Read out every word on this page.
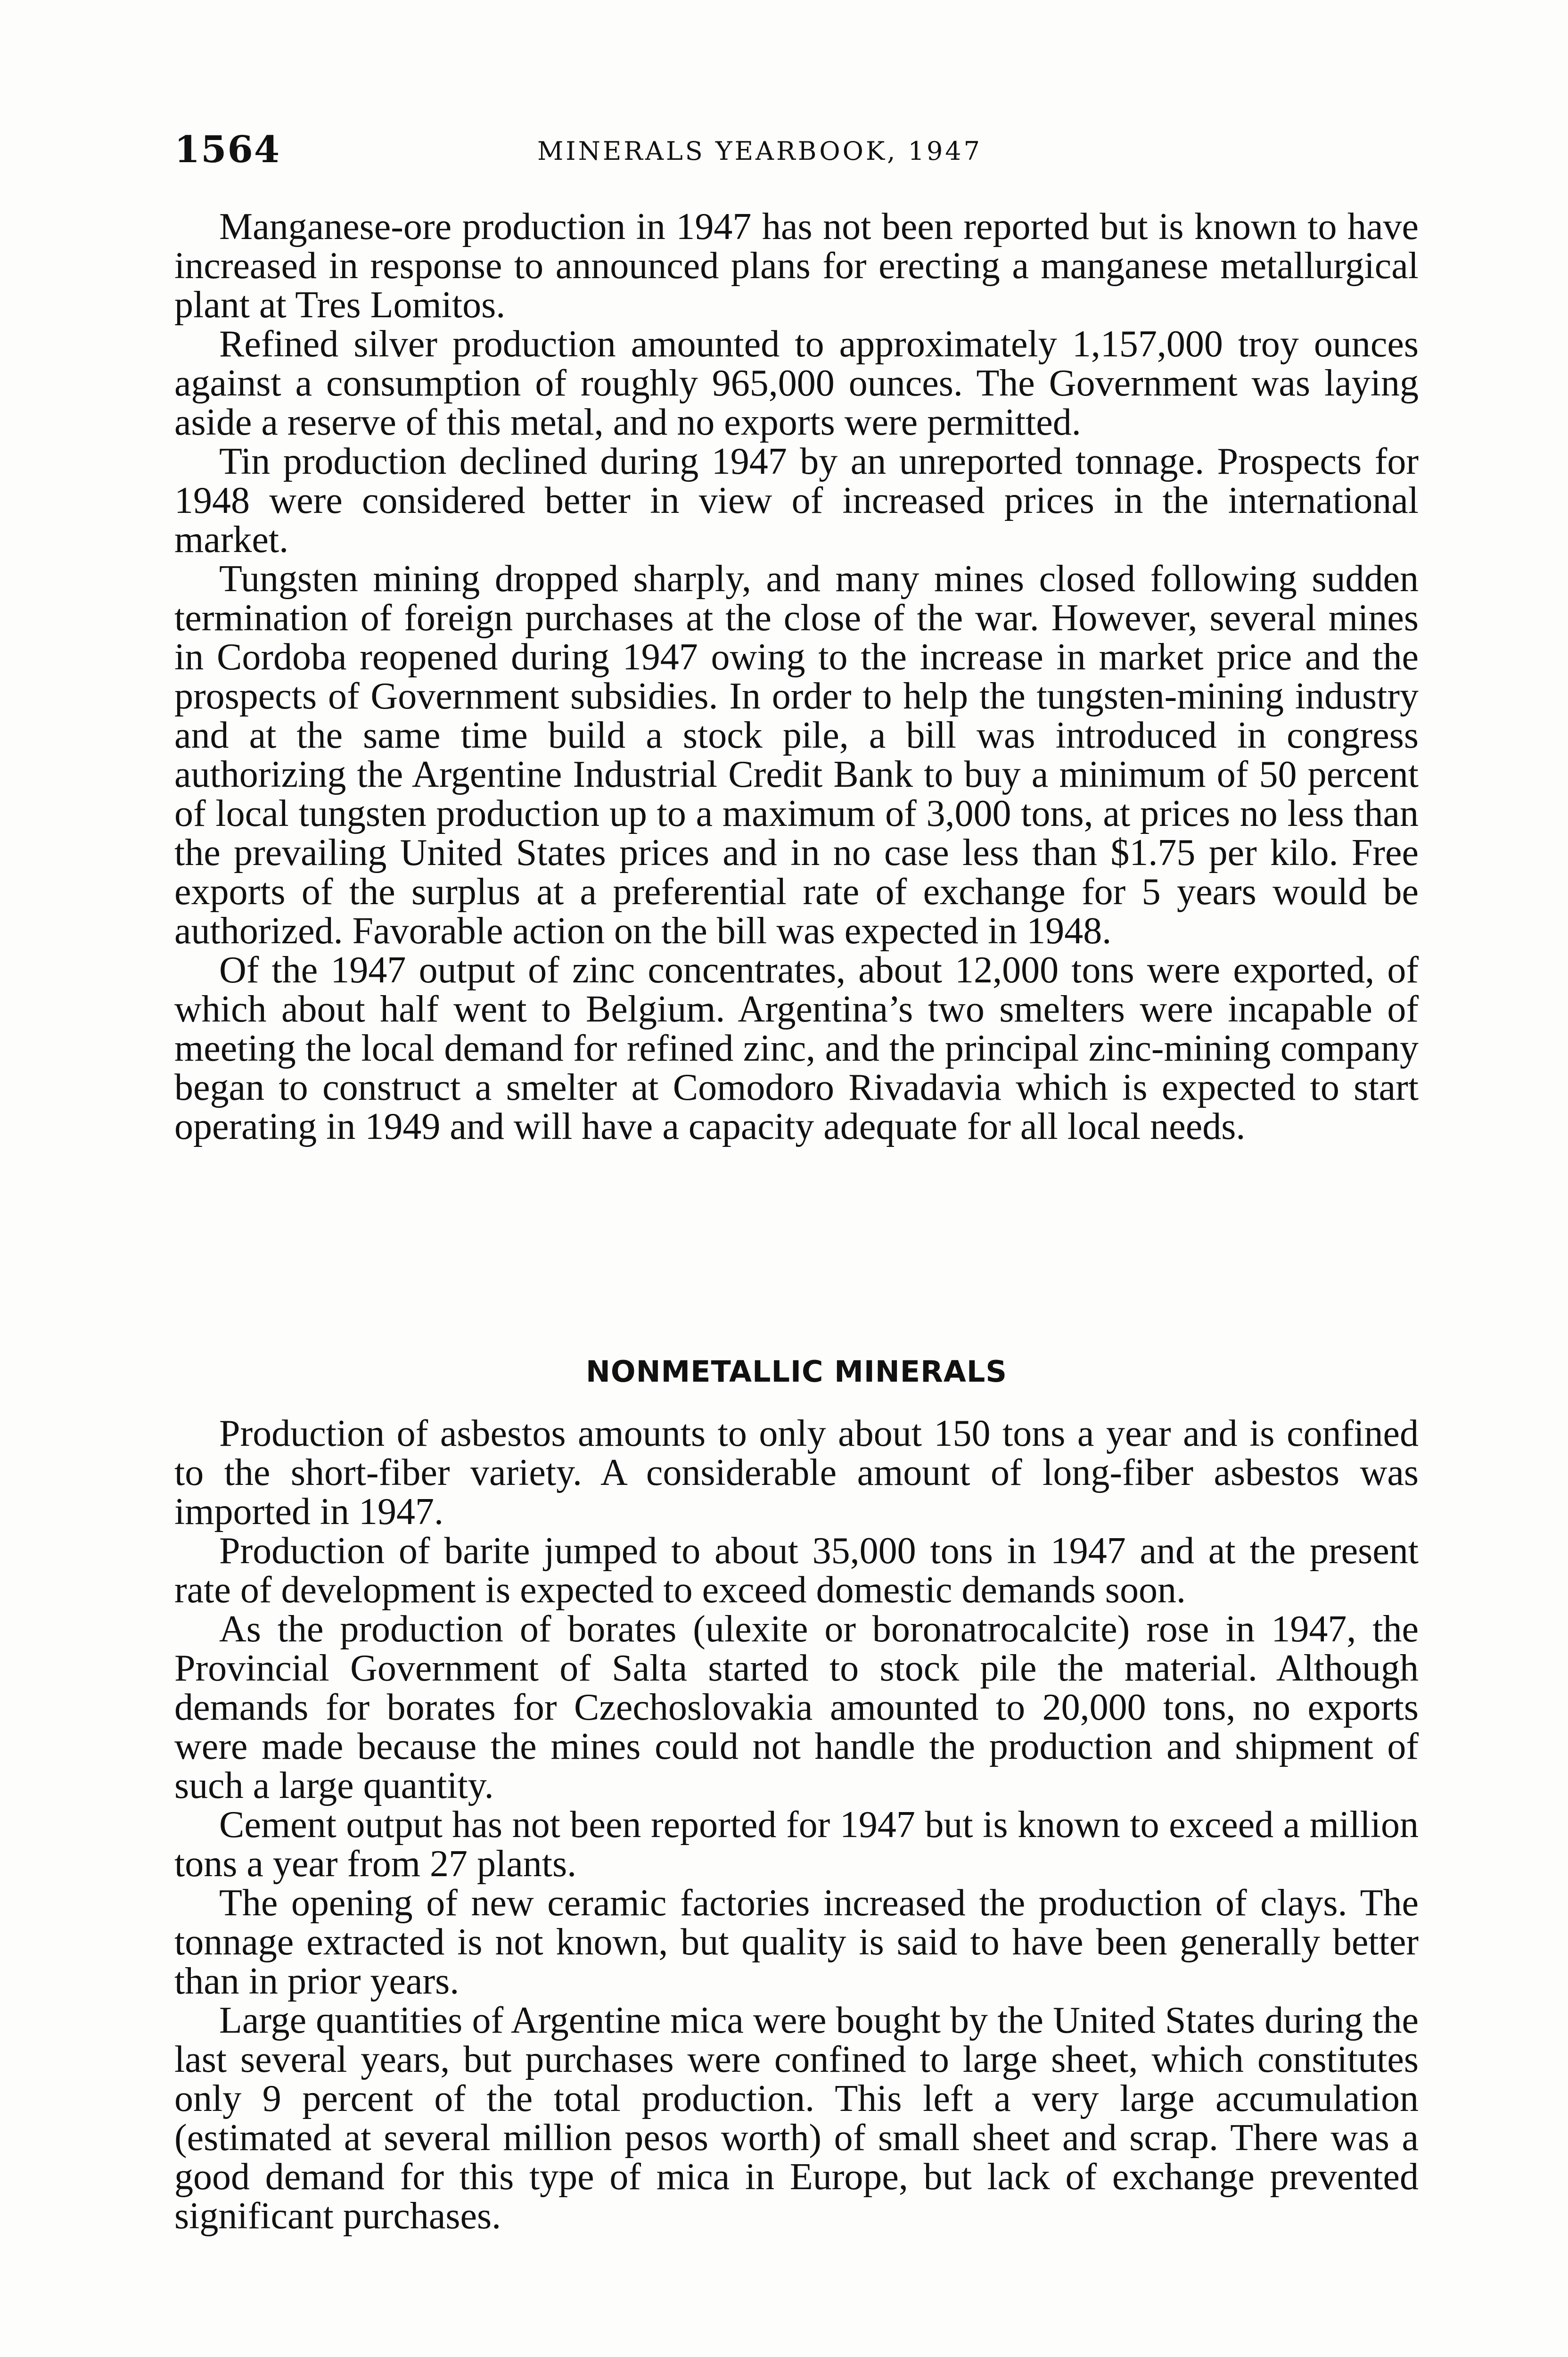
1564	MINERALS YEARBOOK, 1947

Manganese-ore production in 1947 has not been reported but is known to have increased in response to announced plans for erecting a manganese metallurgical plant at Tres Lomitos.

Refined silver production amounted to approximately 1,157,000 troy ounces against a consumption of roughly 965,000 ounces. The Government was laying aside a reserve of this metal, and no exports were permitted.

Tin production declined during 1947 by an unreported tonnage. Prospects for 1948 were considered better in view of increased prices in the international market.

Tungsten mining dropped sharply, and many mines closed following sudden termination of foreign purchases at the close of the war. However, several mines in Cordoba reopened during 1947 owing to the increase in market price and the prospects of Government subsidies. In order to help the tungsten-mining industry and at the same time build a stock pile, a bill was introduced in congress authorizing the Argentine Industrial Credit Bank to buy a minimum of 50 percent of local tungsten production up to a maximum of 3,000 tons, at prices no less than the prevailing United States prices and in no case less than $1.75 per kilo. Free exports of the surplus at a preferential rate of exchange for 5 years would be authorized. Favorable action on the bill was expected in 1948.

Of the 1947 output of zinc concentrates, about 12,000 tons were exported, of which about half went to Belgium. Argentina’s two smelters were incapable of meeting the local demand for refined zinc, and the principal zinc-mining company began to construct a smelter at Comodoro Rivadavia which is expected to start operating in 1949 and will have a capacity adequate for all local needs.

NONMETALLIC MINERALS

Production of asbestos amounts to only about 150 tons a year and is confined to the short-fiber variety. A considerable amount of long-fiber asbestos was imported in 1947.

Production of barite jumped to about 35,000 tons in 1947 and at the present rate of development is expected to exceed domestic demands soon.

As the production of borates (ulexite or boronatrocalcite) rose in 1947, the Provincial Government of Salta started to stock pile the material. Although demands for borates for Czechoslovakia amounted to 20,000 tons, no exports were made because the mines could not handle the production and shipment of such a large quantity.

Cement output has not been reported for 1947 but is known to exceed a million tons a year from 27 plants.

The opening of new ceramic factories increased the production of clays. The tonnage extracted is not known, but quality is said to have been generally better than in prior years.

Large quantities of Argentine mica were bought by the United States during the last several years, but purchases were confined to large sheet, which constitutes only 9 percent of the total production. This left a very large accumulation (estimated at several million pesos worth) of small sheet and scrap. There was a good demand for this type of mica in Europe, but lack of exchange prevented significant purchases.
